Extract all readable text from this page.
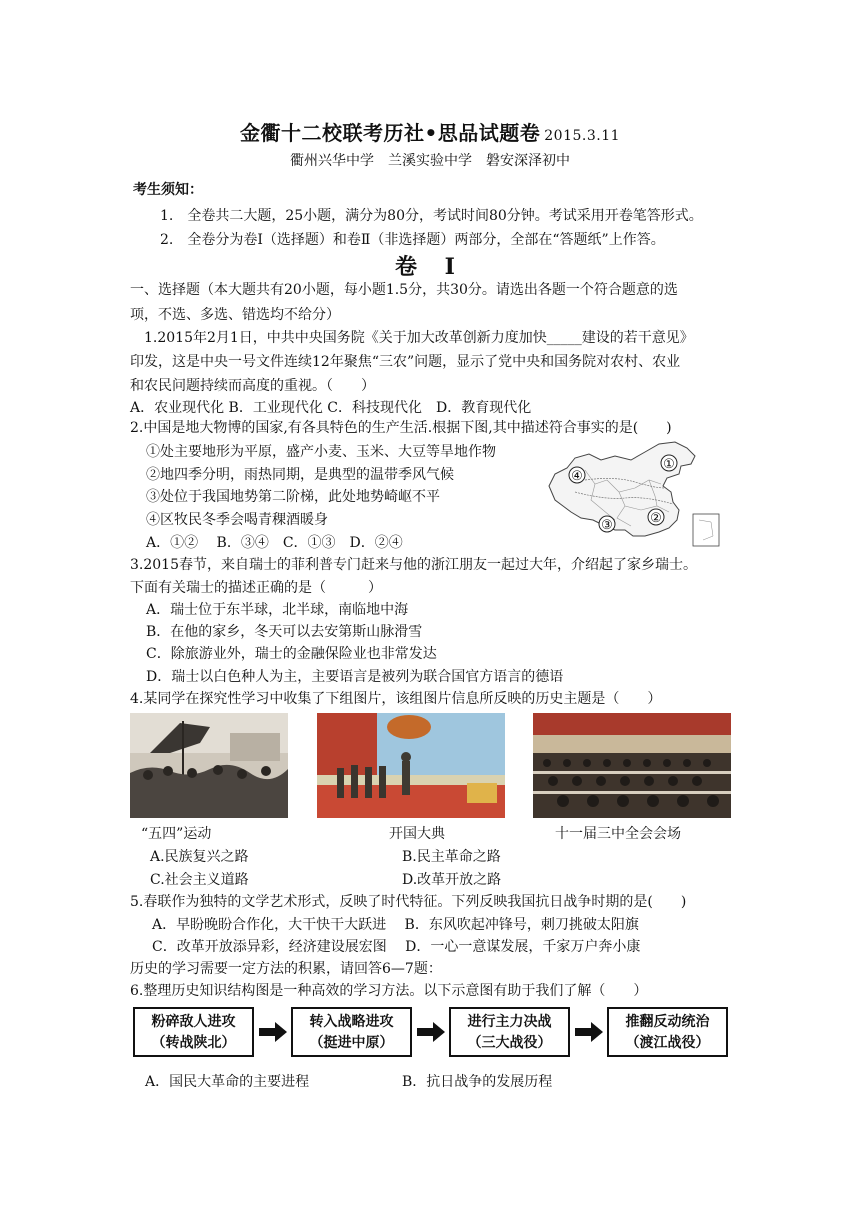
金衢十二校联考历社•思品试题卷 2015.3.11
衢州兴华中学　兰溪实验中学　磐安深泽初中
考生须知：
1.　全卷共二大题，25小题，满分为80分，考试时间80分钟。考试采用开卷笔答形式。
2.　全卷分为卷Ⅰ（选择题）和卷Ⅱ（非选择题）两部分，全部在“答题纸”上作答。
卷 Ⅰ
一、选择题（本大题共有20小题，每小题1.5分，共30分。请选出各题一个符合题意的选
项，不选、多选、错选均不给分）
　1.2015年2月1日，中共中央国务院《关于加大改革创新力度加快_____建设的若干意见》
印发，这是中央一号文件连续12年聚焦“三农”问题，显示了党中央和国务院对农村、农业
和农民问题持续而高度的重视。（　　）
A．农业现代化 B．工业现代化 C．科技现代化　D．教育现代化
2.中国是地大物博的国家,有各具特色的生产生活.根据下图,其中描述符合事实的是(　　)
①处主要地形为平原，盛产小麦、玉米、大豆等旱地作物
②地四季分明，雨热同期，是典型的温带季风气候
③处位于我国地势第二阶梯，此处地势崎岖不平
④区牧民冬季会喝青稞酒暖身
A．①②　 B．③④　C．①③　D．②④
①
②
③
④
3.2015春节，来自瑞士的菲利普专门赶来与他的浙江朋友一起过大年，介绍起了家乡瑞士。
下面有关瑞士的描述正确的是（　　　）
A．瑞士位于东半球，北半球，南临地中海
B．在他的家乡，冬天可以去安第斯山脉滑雪
C．除旅游业外，瑞士的金融保险业也非常发达
D．瑞士以白色种人为主，主要语言是被列为联合国官方语言的德语
4.某同学在探究性学习中收集了下组图片，该组图片信息所反映的历史主题是（　　）
“五四”运动	开国大典	十一届三中全会会场
A.民族复兴之路	B.民主革命之路
C.社会主义道路	D.改革开放之路
5.春联作为独特的文学艺术形式，反映了时代特征。下列反映我国抗日战争时期的是(　　)
　A．早盼晚盼合作化，大干快干大跃进　 B．东风吹起冲锋号，刺刀挑破太阳旗
　C．改革开放添异彩，经济建设展宏图　 D．一心一意谋发展，千家万户奔小康
历史的学习需要一定方法的积累，请回答6—7题：
6.整理历史知识结构图是一种高效的学习方法。以下示意图有助于我们了解（　　）
粉碎敌人进攻
（转战陕北）
转入战略进攻
（挺进中原）
进行主力决战
（三大战役）
推翻反动统治
（渡江战役）
A．国民大革命的主要进程	B．抗日战争的发展历程
